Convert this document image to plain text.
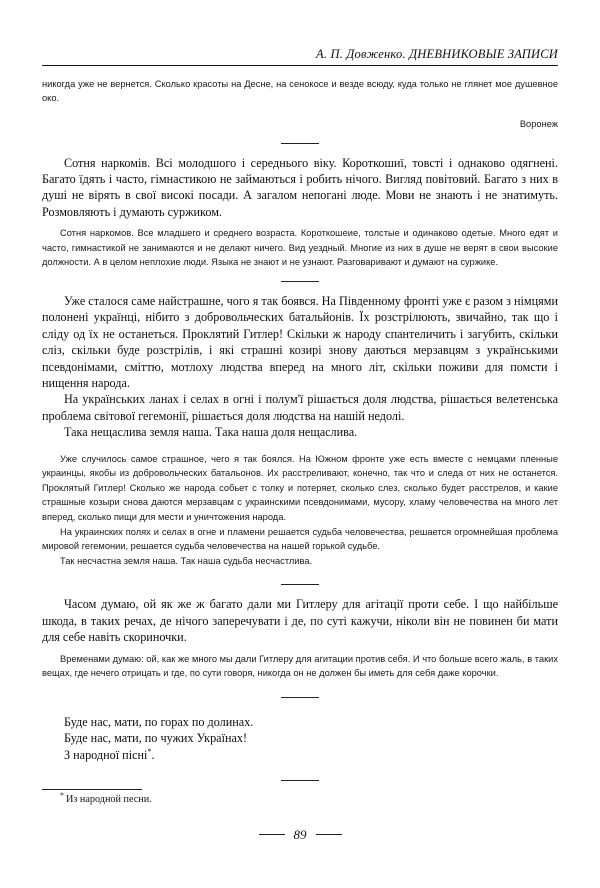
А. П. Довженко. ДНЕВНИКОВЫЕ ЗАПИСИ

никогда уже не вернется. Сколько красоты на Десне, на сенокосе и везде всюду, куда только не глянет мое душевное око.

Воронеж

Сотня наркомів. Всі молодшого і середнього віку. Короткошиї, товсті і однаково одягнені. Багато їдять і часто, гімнастикою не займаються і робить нічого. Вигляд повітовий. Багато з них в душі не вірять в свої високі посади. А загалом непогані люде. Мови не знають і не знатимуть. Розмовляють і думають суржиком.

Сотня наркомов. Все младшего и среднего возраста. Короткошеие, толстые и одинаково одетые. Много едят и часто, гимнастикой не занимаются и не делают ничего. Вид уездный. Многие из них в душе не верят в свои высокие должности. А в целом неплохие люди. Языка не знают и не узнают. Разговаривают и думают на суржике.

Уже сталося саме найстрашне, чого я так боявся. На Південному фронті уже є разом з німцями полонені українці, нібито з добровольческих батальйонів. Їх розстрілюють, звичайно, так що і сліду од їх не останеться. Проклятий Гитлер! Скільки ж народу спантеличить і загубить, скільки сліз, скільки буде розстрілів, і які страшні козирі знову даються мерзавцям з українськими псевдонімами, сміттю, мотлоху людства вперед на много літ, скільки поживи для помсти і нищення народа.

На українських ланах і селах в огні і полум'ї рішається доля людства, рішається велетенська проблема світової гегемонії, рішається доля людства на нашій недолі.

Така нещаслива земля наша. Така наша доля нещаслива.

Уже случилось самое страшное, чего я так боялся. На Южном фронте уже есть вместе с немцами пленные украинцы, якобы из добровольческих батальонов. Их расстреливают, конечно, так что и следа от них не останется. Проклятый Гитлер! Сколько же народа собьет с толку и потеряет, сколько слез, сколько будет расстрелов, и какие страшные козыри снова даются мерзавцам с украинскими псевдонимами, мусору, хламу человечества на много лет вперед, сколько пищи для мести и уничтожения народа.

На украинских полях и селах в огне и пламени решается судьба человечества, решается огромнейшая проблема мировой гегемонии, решается судьба человечества на нашей горькой судьбе.

Так несчастна земля наша. Так наша судьба несчастлива.

Часом думаю, ой як же ж багато дали ми Гитлеру для агітації проти себе. І що найбільше шкода, в таких речах, де нічого заперечувати і де, по суті кажучи, ніколи він не повинен би мати для себе навіть скориночки.

Временами думаю: ой, как же много мы дали Гитлеру для агитации против себя. И что больше всего жаль, в таких вещах, где нечего отрицать и где, по сути говоря, никогда он не должен бы иметь для себя даже корочки.

Буде нас, мати, по горах по долинах.
Буде нас, мати, по чужих Українах!
З народної пісні*.

* Из народной песни.

89
